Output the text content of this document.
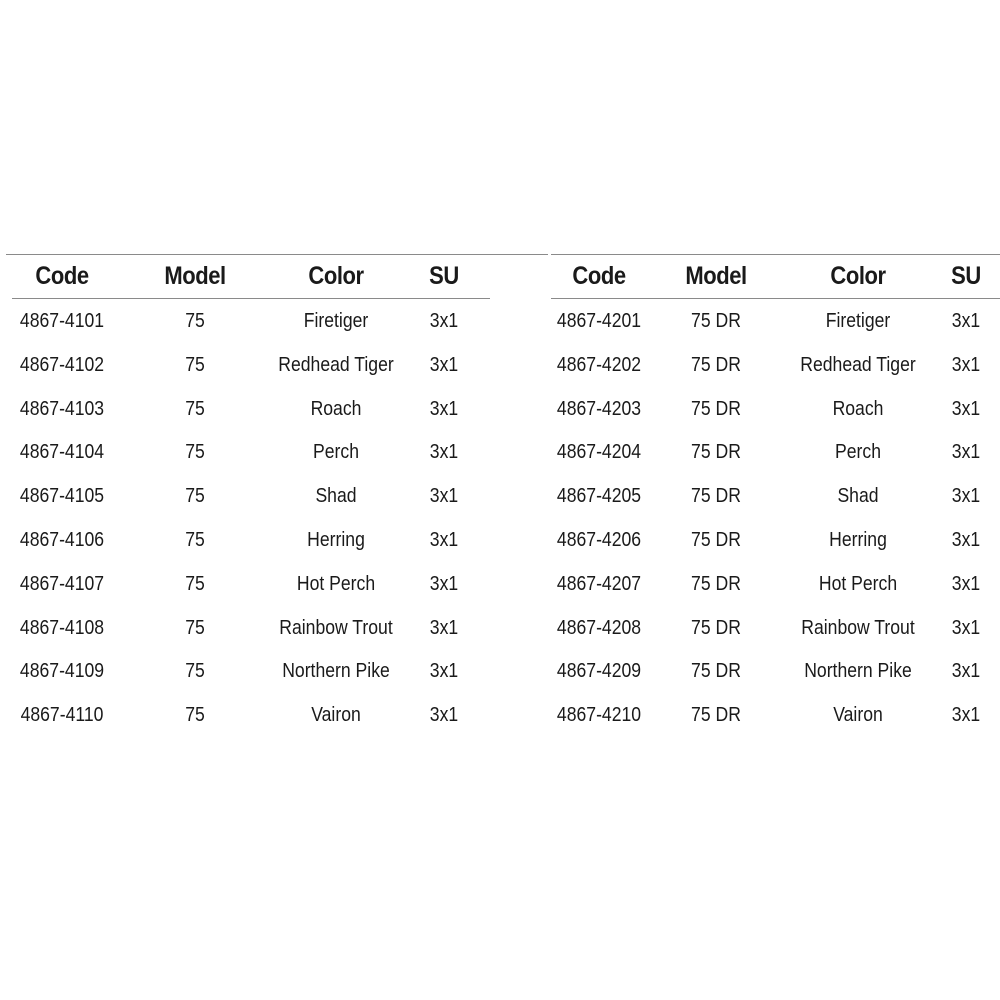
Code	Model	Color	SU
4867-4101	75	Firetiger	3x1
4867-4102	75	Redhead Tiger 3x1
4867-4103	75	Roach	3x1
4867-4104	75	Perch	3x1
4867-4105	75	Shad	3x1
4867-4106	75	Herring	3x1
4867-4107	75	Hot Perch	3x1
4867-4108	75	Rainbow Trout 3x1
4867-4109	75	Northern Pike 3x1
4867-4110	75	Vairon	3x1
Code Model	Color	SU
4867-4201 75 DR	Firetiger	3x1
4867-4202 75 DR	Redhead Tiger 3x1
4867-4203 75 DR	Roach	3x1
4867-4204 75 DR	Perch	3x1
4867-4205 75 DR	Shad	3x1
4867-4206 75 DR	Herring	3x1
4867-4207 75 DR	Hot Perch	3x1
4867-4208 75 DR	Rainbow Trout 3x1
4867-4209 75 DR	Northern Pike 3x1
4867-4210 75 DR	Vairon	3x1
